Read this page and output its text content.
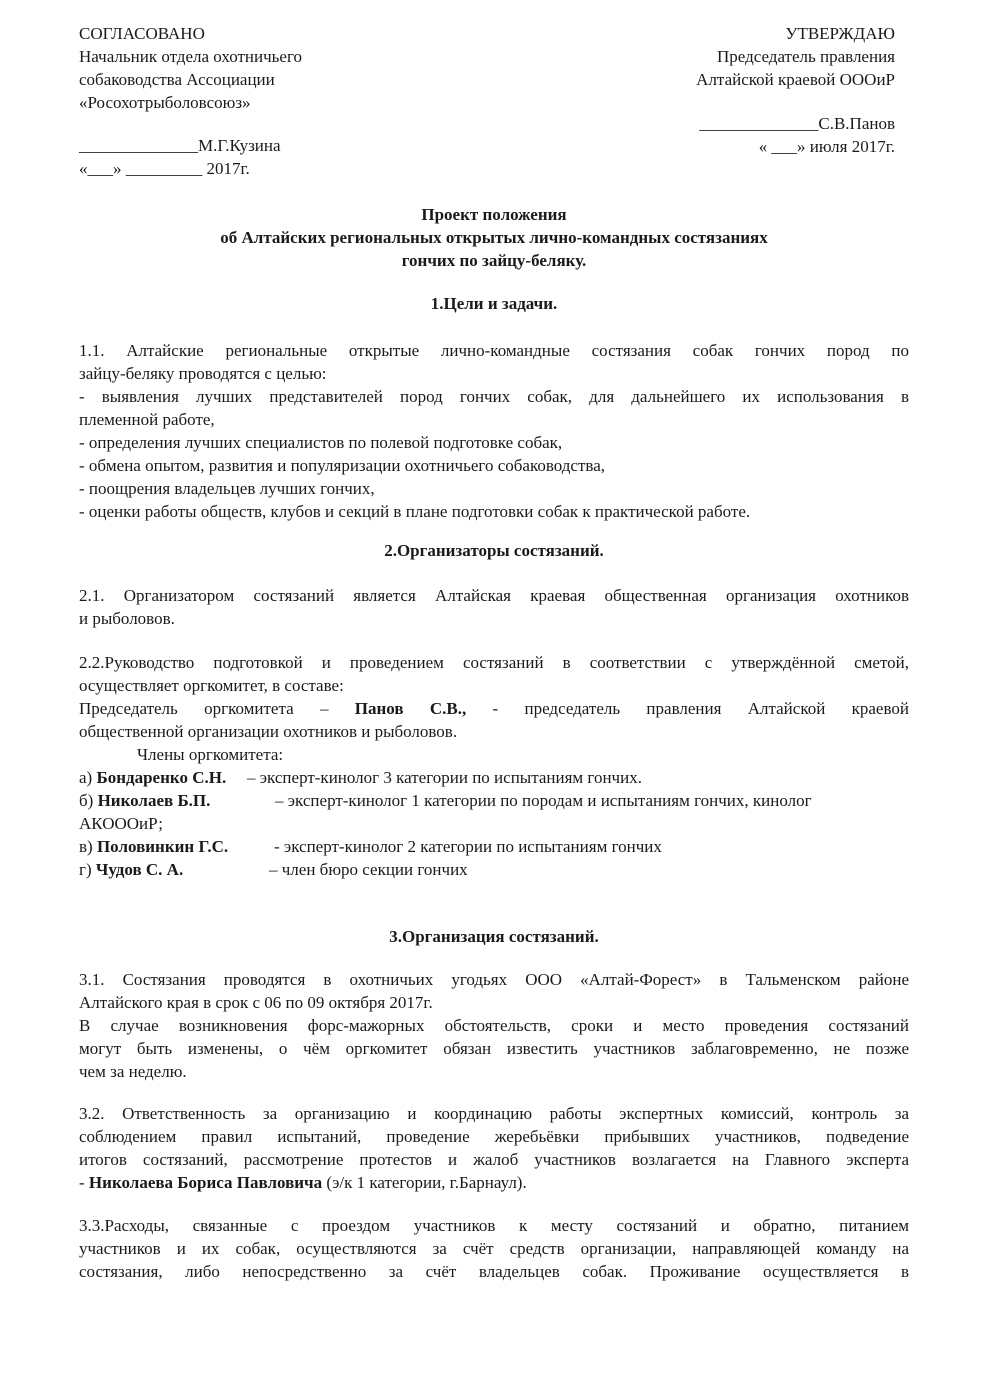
СОГЛАСОВАНО
Начальник отдела охотничьего
собаководства Ассоциации
«Росохотрыболовсоюз»
______________М.Г.Кузина
«___» _________ 2017г.
УТВЕРЖДАЮ
Председатель правления
Алтайской краевой ОООиР
______________С.В.Панов
« ___» июля 2017г.
Проект положения
об Алтайских региональных открытых лично-командных состязаниях
гончих по зайцу-беляку.
1.Цели и задачи.
1.1. Алтайские региональные открытые лично-командные состязания собак гончих пород по
зайцу-беляку проводятся с целью:
- выявления лучших представителей пород гончих собак, для дальнейшего их использования в
племенной работе,
- определения лучших специалистов по полевой подготовке собак,
- обмена опытом, развития и популяризации охотничьего собаководства,
- поощрения владельцев лучших гончих,
- оценки работы обществ, клубов и секций в плане подготовки собак к практической работе.
2.Организаторы состязаний.
2.1. Организатором состязаний является Алтайская краевая общественная организация охотников
и рыболовов.
2.2.Руководство подготовкой и проведением состязаний в соответствии с утверждённой сметой,
осуществляет оргкомитет, в составе:
Председатель оргкомитета – Панов С.В., - председатель правления Алтайской краевой
общественной организации охотников и рыболовов.
Члены оргкомитета:
а) Бондаренко С.Н. – эксперт-кинолог 3 категории по испытаниям гончих.
б) Николаев Б.П.	– эксперт-кинолог 1 категории по породам и испытаниям гончих, кинолог
АКОООиР;
в) Половинкин Г.С.	- эксперт-кинолог 2 категории по испытаниям гончих
г) Чудов С. А.	– член бюро секции гончих
3.Организация состязаний.
3.1. Состязания проводятся в охотничьих угодьях ООО «Алтай-Форест» в Тальменском районе
Алтайского края в срок с 06 по 09 октября 2017г.
В случае возникновения форс-мажорных обстоятельств, сроки и место проведения состязаний
могут быть изменены, о чём оргкомитет обязан известить участников заблаговременно, не позже
чем за неделю.
3.2. Ответственность за организацию и координацию работы экспертных комиссий, контроль за
соблюдением правил испытаний, проведение жеребьёвки прибывших участников, подведение
итогов состязаний, рассмотрение протестов и жалоб участников возлагается на Главного эксперта
- Николаева Бориса Павловича (э/к 1 категории, г.Барнаул).
3.3.Расходы, связанные с проездом участников к месту состязаний и обратно, питанием
участников и их собак, осуществляются за счёт средств организации, направляющей команду на
состязания, либо непосредственно за счёт владельцев собак. Проживание осуществляется в
